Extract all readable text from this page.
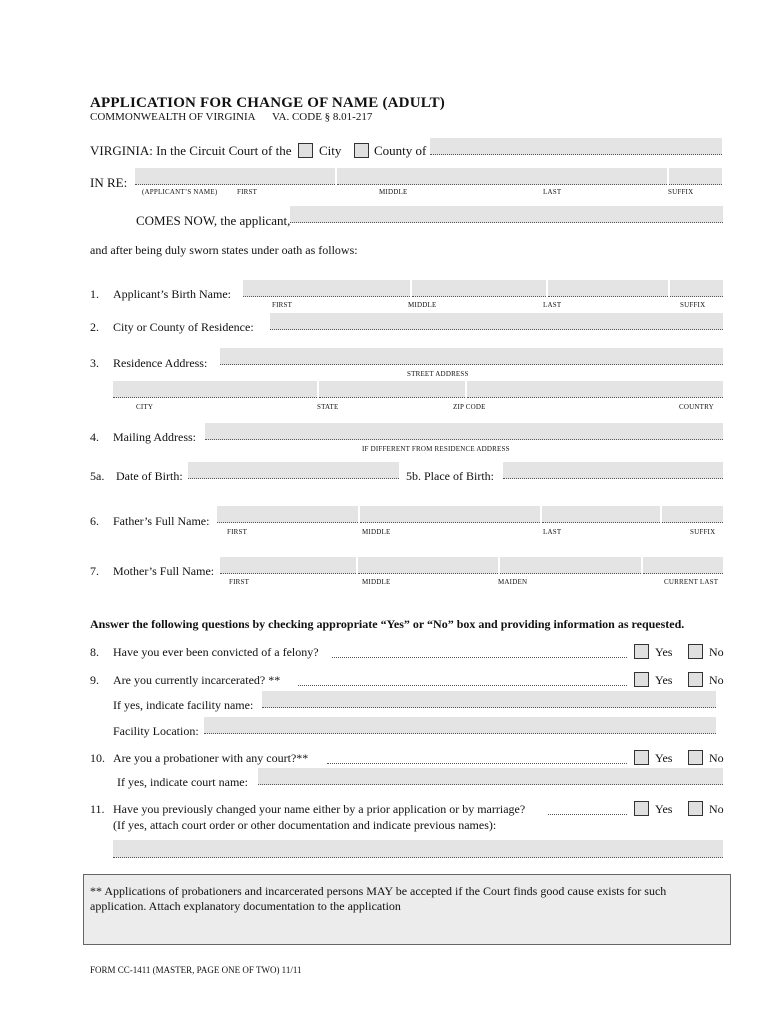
APPLICATION FOR CHANGE OF NAME (ADULT)
COMMONWEALTH OF VIRGINIA VA. CODE § 8.01-217
VIRGINIA: In the Circuit Court of the City	County of
IN RE:
(APPLICANT’S NAME)	FIRST	MIDDLE	LAST	SUFFIX
COMES NOW, the applicant,
and after being duly sworn states under oath as follows:
1. Applicant’s Birth Name:
FIRST	MIDDLE	LAST	SUFFIX
2. City or County of Residence:
3. Residence Address:
STREET ADDRESS
CITY	STATE	ZIP CODE	COUNTRY
4. Mailing Address:
IF DIFFERENT FROM RESIDENCE ADDRESS
5a. Date of Birth:	5b. Place of Birth:
6. Father’s Full Name:
FIRST	MIDDLE	LAST	SUFFIX
7. Mother’s Full Name:
FIRST	MIDDLE	MAIDEN	CURRENT LAST
Answer the following questions by checking appropriate “Yes” or “No” box and providing information as requested.
8. Have you ever been convicted of a felony?	Yes	No
9. Are you currently incarcerated? **	Yes	No
If yes, indicate facility name:
Facility Location:
10. Are you a probationer with any court?**	Yes	No
If yes, indicate court name:
11. Have you previously changed your name either by a prior application or by marriage?	Yes	No
(If yes, attach court order or other documentation and indicate previous names):
** Applications of probationers and incarcerated persons MAY be accepted if the Court finds good cause exists for such application. Attach explanatory documentation to the application
FORM CC-1411 (MASTER, PAGE ONE OF TWO) 11/11
